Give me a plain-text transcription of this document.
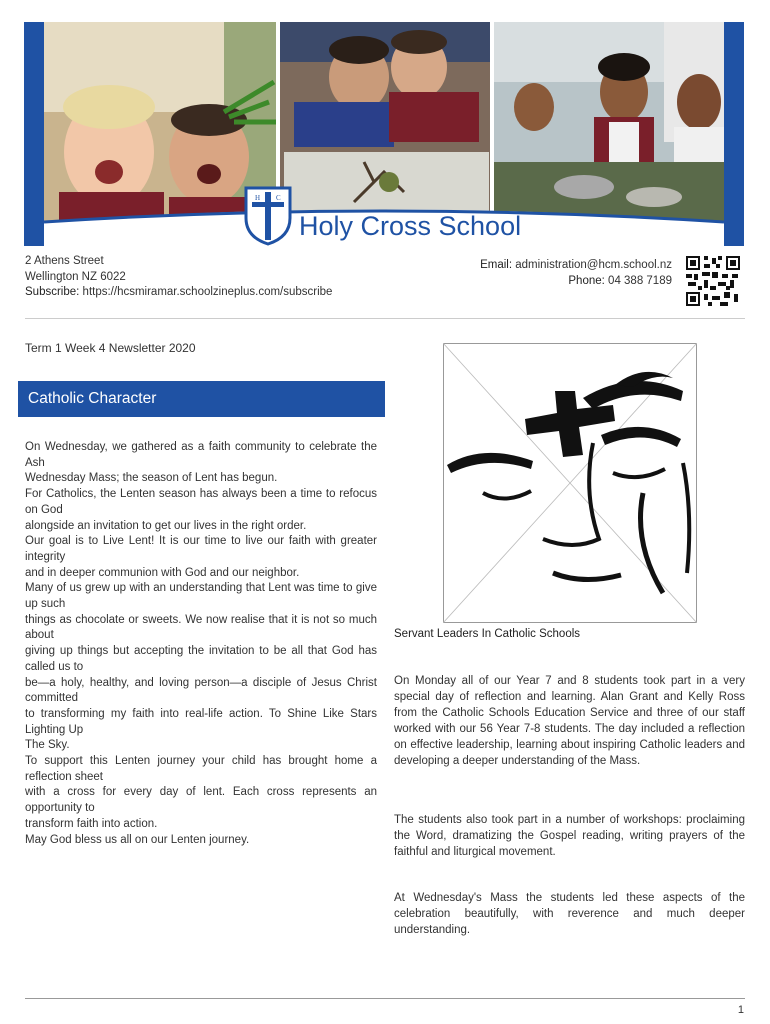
H C
S Holy Cross School
2 Athens Street
Wellington NZ 6022
Subscribe: https://hcsmiramar.schoolzineplus.com/subscribe
Email: administration@hcm.school.nz
Phone: 04 388 7189
Term 1 Week 4 Newsletter 2020
Catholic Character

On Wednesday, we gathered as a faith community to celebrate the Ash

Wednesday Mass; the season of Lent has begun.

For Catholics, the Lenten season has always been a time to refocus on God

alongside an invitation to get our lives in the right order.

Our goal is to Live Lent! It is our time to live our faith with greater integrity

and in deeper communion with God and our neighbor.

Many of us grew up with an understanding that Lent was time to give up such

things as chocolate or sweets. We now realise that it is not so much about

giving up things but accepting the invitation to be all that God has called us to

be—a holy, healthy, and loving person—a disciple of Jesus Christ committed

to transforming my faith into real-life action. To Shine Like Stars Lighting Up

The Sky.

To support this Lenten journey your child has brought home a reflection sheet

with a cross for every day of lent. Each cross represents an opportunity to

transform faith into action.

May God bless us all on our Lenten journey.

Servant Leaders In Catholic Schools

On Monday all of our Year 7 and 8 students took part in a very special day of reflection and learning. Alan Grant and Kelly Ross from the Catholic Schools Education Service and three of our staff worked with our 56 Year 7-8 students. The day included a reflection on effective leadership, learning about inspiring Catholic leaders and developing a deeper understanding of the Mass.

The students also took part in a number of workshops: proclaiming the Word, dramatizing the Gospel reading, writing prayers of the faithful and liturgical movement.

At Wednesday's Mass the students led these aspects of the celebration beautifully, with reverence and much deeper understanding.

1
